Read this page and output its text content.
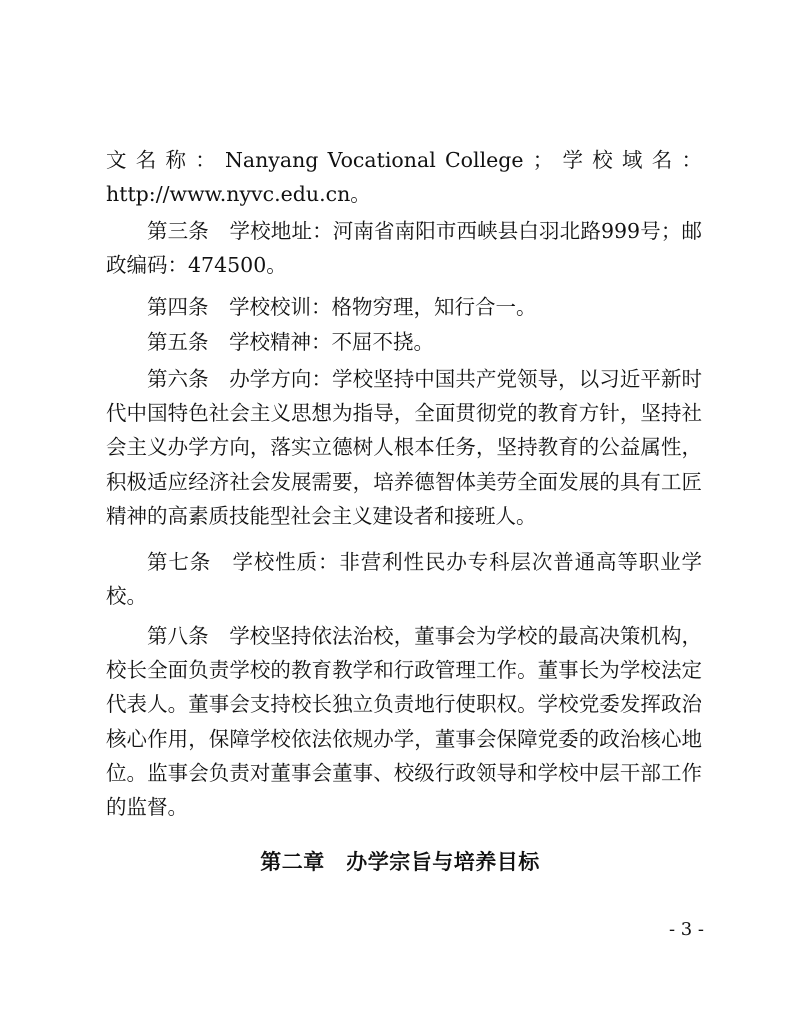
文 名 称 ： Nanyang Vocational College ； 学 校 域 名 ：

http://www.nyvc.edu.cn。

第三条　学校地址：河南省南阳市西峡县白羽北路999号；邮政编码：474500。

第四条　学校校训：格物穷理，知行合一。

第五条　学校精神：不屈不挠。

第六条　办学方向：学校坚持中国共产党领导，以习近平新时代中国特色社会主义思想为指导，全面贯彻党的教育方针，坚持社会主义办学方向，落实立德树人根本任务，坚持教育的公益属性，积极适应经济社会发展需要，培养德智体美劳全面发展的具有工匠精神的高素质技能型社会主义建设者和接班人。

第七条　学校性质：非营利性民办专科层次普通高等职业学校。

第八条　学校坚持依法治校，董事会为学校的最高决策机构，校长全面负责学校的教育教学和行政管理工作。董事长为学校法定代表人。董事会支持校长独立负责地行使职权。学校党委发挥政治核心作用，保障学校依法依规办学，董事会保障党委的政治核心地位。监事会负责对董事会董事、校级行政领导和学校中层干部工作的监督。

第二章　办学宗旨与培养目标
- 3 -
